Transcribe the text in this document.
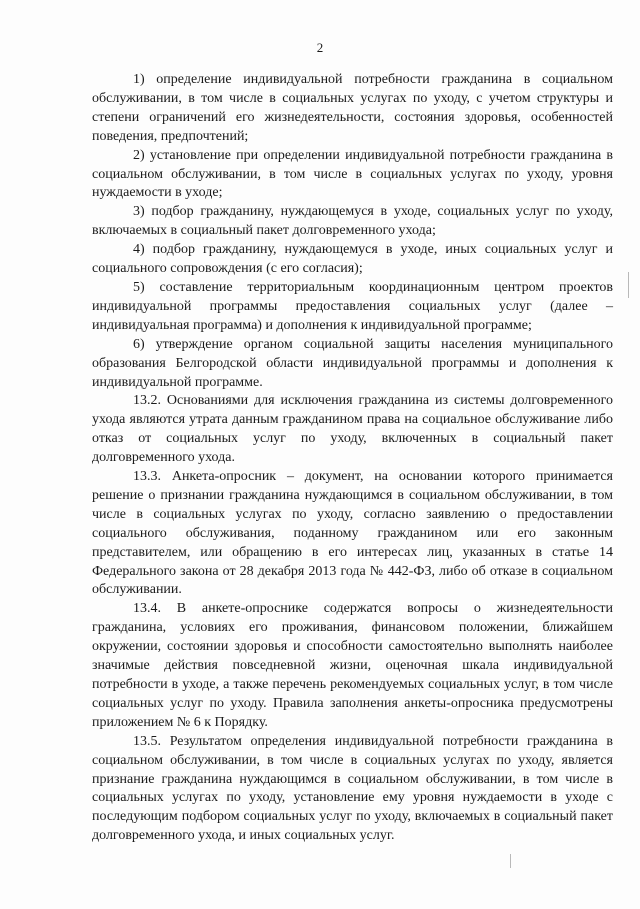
2

1) определение индивидуальной потребности гражданина в социальном обслуживании, в том числе в социальных услугах по уходу, с учетом структуры и степени ограничений его жизнедеятельности, состояния здоровья, особенностей поведения, предпочтений;

2) установление при определении индивидуальной потребности гражданина в социальном обслуживании, в том числе в социальных услугах по уходу, уровня нуждаемости в уходе;

3) подбор гражданину, нуждающемуся в уходе, социальных услуг по уходу, включаемых в социальный пакет долговременного ухода;

4) подбор гражданину, нуждающемуся в уходе, иных социальных услуг и социального сопровождения (с его согласия);

5) составление территориальным координационным центром проектов индивидуальной программы предоставления социальных услуг (далее – индивидуальная программа) и дополнения к индивидуальной программе;

6) утверждение органом социальной защиты населения муниципального образования Белгородской области индивидуальной программы и дополнения к индивидуальной программе.

13.2. Основаниями для исключения гражданина из системы долговременного ухода являются утрата данным гражданином права на социальное обслуживание либо отказ от социальных услуг по уходу, включенных в социальный пакет долговременного ухода.

13.3. Анкета-опросник – документ, на основании которого принимается решение о признании гражданина нуждающимся в социальном обслуживании, в том числе в социальных услугах по уходу, согласно заявлению о предоставлении социального обслуживания, поданному гражданином или его законным представителем, или обращению в его интересах лиц, указанных в статье 14 Федерального закона от 28 декабря 2013 года № 442-ФЗ, либо об отказе в социальном обслуживании.

13.4. В анкете-опроснике содержатся вопросы о жизнедеятельности гражданина, условиях его проживания, финансовом положении, ближайшем окружении, состоянии здоровья и способности самостоятельно выполнять наиболее значимые действия повседневной жизни, оценочная шкала индивидуальной потребности в уходе, а также перечень рекомендуемых социальных услуг, в том числе социальных услуг по уходу. Правила заполнения анкеты-опросника предусмотрены приложением № 6 к Порядку.

13.5. Результатом определения индивидуальной потребности гражданина в социальном обслуживании, в том числе в социальных услугах по уходу, является признание гражданина нуждающимся в социальном обслуживании, в том числе в социальных услугах по уходу, установление ему уровня нуждаемости в уходе с последующим подбором социальных услуг по уходу, включаемых в социальный пакет долговременного ухода, и иных социальных услуг.
